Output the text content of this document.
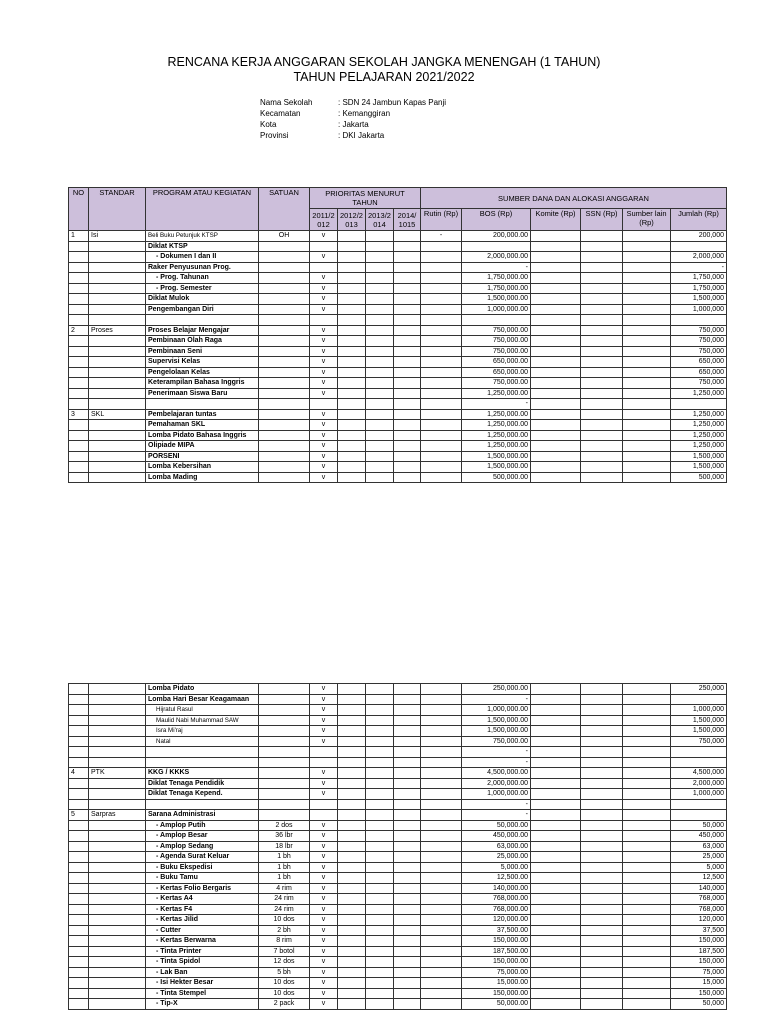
RENCANA KERJA ANGGARAN SEKOLAH JANGKA MENENGAH (1 TAHUN)
TAHUN PELAJARAN 2021/2022
Nama Sekolah	: SDN 24 Jambun Kapas Panji
Kecamatan	: Kemanggiran
Kota	: Jakarta
Provinsi	: DKI Jakarta
NO	STANDAR	PROGRAM ATAU KEGIATAN	SATUAN	PRIORITAS MENURUT TAHUN				SUMBER DANA DAN ALOKASI ANGGARAN					
				2011/2012	2012/2013	2013/2014	2014/1015	Rutin (Rp)	BOS (Rp)	Komite (Rp)	SSN (Rp)	Sumber lain (Rp)	Jumlah (Rp)
1	Isi	Beli Buku Petunjuk KTSP	OH	v				-	200,000.00				200,000
		Diklat KTSP											
		- Dokumen I dan II		v					2,000,000.00				2,000,000
		Raker Penyusunan Prog.							-				-
		- Prog. Tahunan		v					1,750,000.00				1,750,000
		- Prog. Semester		v					1,750,000.00				1,750,000
		Diklat Mulok		v					1,500,000.00				1,500,000
		Pengembangan Diri		v					1,000,000.00				1,000,000

2	Proses	Proses Belajar Mengajar		v					750,000.00				750,000
		Pembinaan Olah Raga		v					750,000.00				750,000
		Pembinaan Seni		v					750,000.00				750,000
		Supervisi Kelas		v					650,000.00				650,000
		Pengelolaan Kelas		v					650,000.00				650,000
		Keterampilan Bahasa Inggris		v					750,000.00				750,000
		Penerimaan Siswa Baru		v					1,250,000.00				1,250,000
									-				
3	SKL	Pembelajaran tuntas		v					1,250,000.00				1,250,000
		Pemahaman SKL		v					1,250,000.00				1,250,000
		Lomba Pidato Bahasa Inggris		v					1,250,000.00				1,250,000
		Olipiade MIPA		v					1,250,000.00				1,250,000
		PORSENI		v					1,500,000.00				1,500,000
		Lomba Kebersihan		v					1,500,000.00				1,500,000
		Lomba Mading		v					500,000.00				500,000
		Lomba Pidato		v					250,000.00				250,000
		Lomba Hari Besar Keagamaan		v					-				
		Hijratul Rasul		v					1,000,000.00				1,000,000
		Maulid Nabi Muhammad SAW		v					1,500,000.00				1,500,000
		Isra Mi'raj		v					1,500,000.00				1,500,000
		Natal		v					750,000.00				750,000
									-				
									-				
4	PTK	KKG / KKKS		v					4,500,000.00				4,500,000
		Diklat Tenaga Pendidik		v					2,000,000.00				2,000,000
		Diklat Tenaga Kepend.		v					1,000,000.00				1,000,000
									-				
5	Sarpras	Sarana Administrasi							-				
		- Amplop Putih	2 dos	v					50,000.00				50,000
		- Amplop Besar	36 lbr	v					450,000.00				450,000
		- Amplop Sedang	18 lbr	v					63,000.00				63,000
		- Agenda Surat Keluar	1 bh	v					25,000.00				25,000
		- Buku Ekspedisi	1 bh	v					5,000.00				5,000
		- Buku Tamu	1 bh	v					12,500.00				12,500
		- Kertas Folio Bergaris	4 rim	v					140,000.00				140,000
		- Kertas A4	24 rim	v					768,000.00				768,000
		- Kertas F4	24 rim	v					768,000.00				768,000
		- Kertas Jilid	10 dos	v					120,000.00				120,000
		- Cutter	2 bh	v					37,500.00				37,500
		- Kertas Berwarna	8 rim	v					150,000.00				150,000
		- Tinta Printer	7 botol	v					187,500.00				187,500
		- Tinta Spidol	12 dos	v					150,000.00				150,000
		- Lak Ban	5 bh	v					75,000.00				75,000
		- Isi Hekter Besar	10 dos	v					15,000.00				15,000
		- Tinta Stempel	10 dos	v					150,000.00				150,000
		- Tip-X	2 pack	v					50,000.00				50,000
